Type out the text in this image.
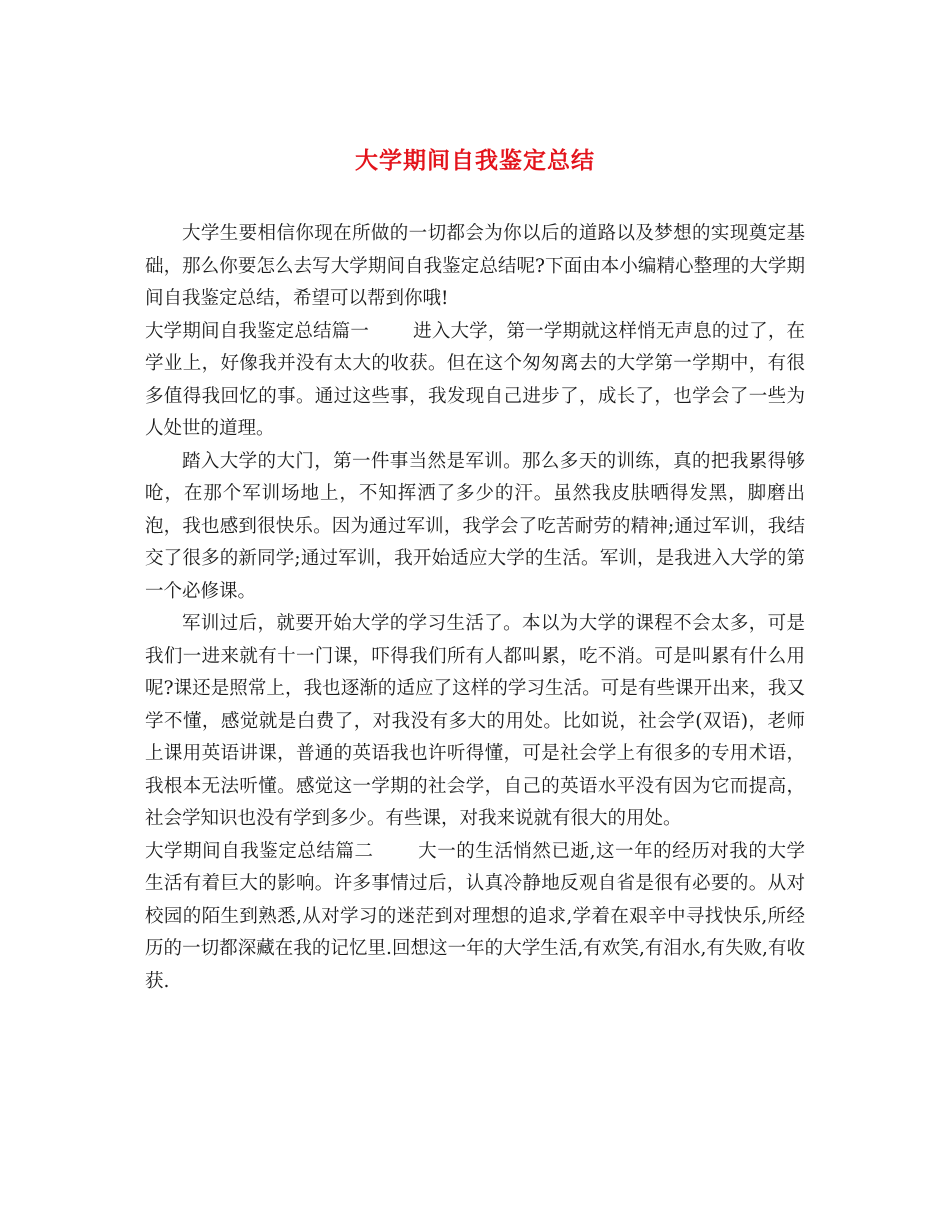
大学期间自我鉴定总结

大学生要相信你现在所做的一切都会为你以后的道路以及梦想的实现奠定基础，那么你要怎么去写大学期间自我鉴定总结呢?下面由本小编精心整理的大学期间自我鉴定总结，希望可以帮到你哦!

大学期间自我鉴定总结篇一 进入大学，第一学期就这样悄无声息的过了，在学业上，好像我并没有太大的收获。但在这个匆匆离去的大学第一学期中，有很多值得我回忆的事。通过这些事，我发现自己进步了，成长了，也学会了一些为人处世的道理。

踏入大学的大门，第一件事当然是军训。那么多天的训练，真的把我累得够呛，在那个军训场地上，不知挥洒了多少的汗。虽然我皮肤晒得发黑，脚磨出泡，我也感到很快乐。因为通过军训，我学会了吃苦耐劳的精神;通过军训，我结交了很多的新同学;通过军训，我开始适应大学的生活。军训，是我进入大学的第一个必修课。

军训过后，就要开始大学的学习生活了。本以为大学的课程不会太多，可是我们一进来就有十一门课，吓得我们所有人都叫累，吃不消。可是叫累有什么用呢?课还是照常上，我也逐渐的适应了这样的学习生活。可是有些课开出来，我又学不懂，感觉就是白费了，对我没有多大的用处。比如说，社会学(双语)，老师上课用英语讲课，普通的英语我也许听得懂，可是社会学上有很多的专用术语，我根本无法听懂。感觉这一学期的社会学，自己的英语水平没有因为它而提高，社会学知识也没有学到多少。有些课，对我来说就有很大的用处。

大学期间自我鉴定总结篇二 大一的生活悄然已逝,这一年的经历对我的大学生活有着巨大的影响。许多事情过后，认真冷静地反观自省是很有必要的。从对校园的陌生到熟悉,从对学习的迷茫到对理想的追求,学着在艰辛中寻找快乐,所经历的一切都深藏在我的记忆里.回想这一年的大学生活,有欢笑,有泪水,有失败,有收获.
